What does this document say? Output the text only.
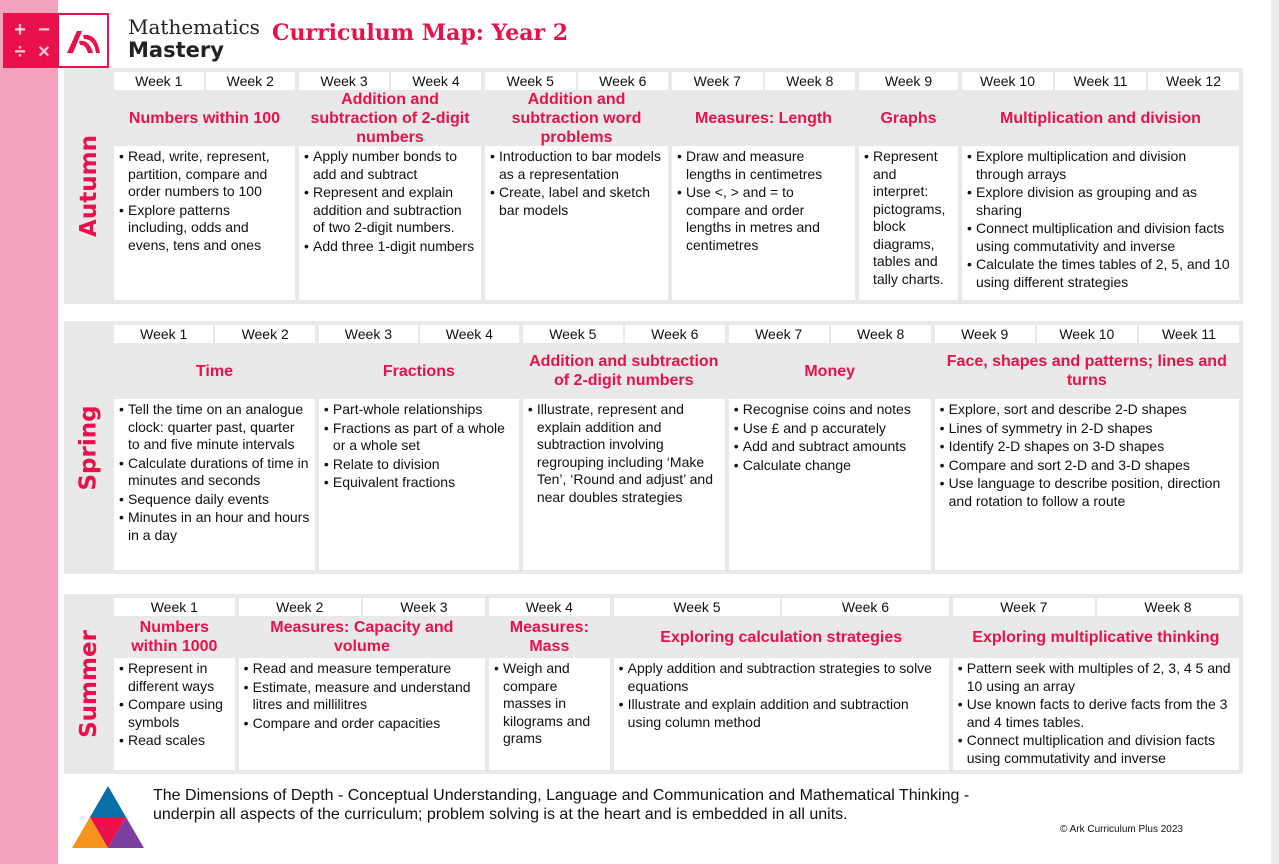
+ −
÷ ×
Mathematics
Mastery
Curriculum Map: Year 2
Autumn
Week 1	Week 2
Numbers within 100
• Read, write, represent, partition, compare and order numbers to 100
• Explore patterns including, odds and evens, tens and ones
Week 3	Week 4
Addition and subtraction of 2-digit numbers
• Apply number bonds to add and subtract
• Represent and explain addition and subtraction of two 2-digit numbers.
• Add three 1-digit numbers
Week 5	Week 6
Addition and subtraction word problems
• Introduction to bar models as a representation
• Create, label and sketch bar models
Week 7	Week 8
Measures: Length
• Draw and measure lengths in centimetres
• Use <, > and = to compare and order lengths in metres and centimetres
Week 9
Graphs
• Represent and interpret: pictograms, block diagrams, tables and tally charts.
Week 10	Week 11	Week 12
Multiplication and division
• Explore multiplication and division through arrays
• Explore division as grouping and as sharing
• Connect multiplication and division facts using commutativity and inverse
• Calculate the times tables of 2, 5, and 10 using different strategies
Spring
Week 1	Week 2
Time
• Tell the time on an analogue clock: quarter past, quarter to and five minute intervals
• Calculate durations of time in minutes and seconds
• Sequence daily events
• Minutes in an hour and hours in a day
Week 3	Week 4
Fractions
• Part-whole relationships
• Fractions as part of a whole or a whole set
• Relate to division
• Equivalent fractions
Week 5	Week 6
Addition and subtraction of 2-digit numbers
• Illustrate, represent and explain addition and subtraction involving regrouping including ‘Make Ten’, ‘Round and adjust’ and near doubles strategies
Week 7	Week 8
Money
• Recognise coins and notes
• Use £ and p accurately
• Add and subtract amounts
• Calculate change
Week 9	Week 10	Week 11
Face, shapes and patterns; lines and turns
• Explore, sort and describe 2-D shapes
• Lines of symmetry in 2-D shapes
• Identify 2-D shapes on 3-D shapes
• Compare and sort 2-D and 3-D shapes
• Use language to describe position, direction and rotation to follow a route
Summer
Week 1
Numbers within 1000
• Represent in different ways
• Compare using symbols
• Read scales
Week 2	Week 3
Measures: Capacity and volume
• Read and measure temperature
• Estimate, measure and understand litres and millilitres
• Compare and order capacities
Week 4
Measures: Mass
• Weigh and compare masses in kilograms and grams
Week 5	Week 6
Exploring calculation strategies
• Apply addition and subtraction strategies to solve equations
• Illustrate and explain addition and subtraction using column method
Week 7	Week 8
Exploring multiplicative thinking
• Pattern seek with multiples of 2, 3, 4 5 and 10 using an array
• Use known facts to derive facts from the 3 and 4 times tables.
• Connect multiplication and division facts using commutativity and inverse
The Dimensions of Depth - Conceptual Understanding, Language and Communication and Mathematical Thinking - underpin all aspects of the curriculum; problem solving is at the heart and is embedded in all units.
© Ark Curriculum Plus 2023
